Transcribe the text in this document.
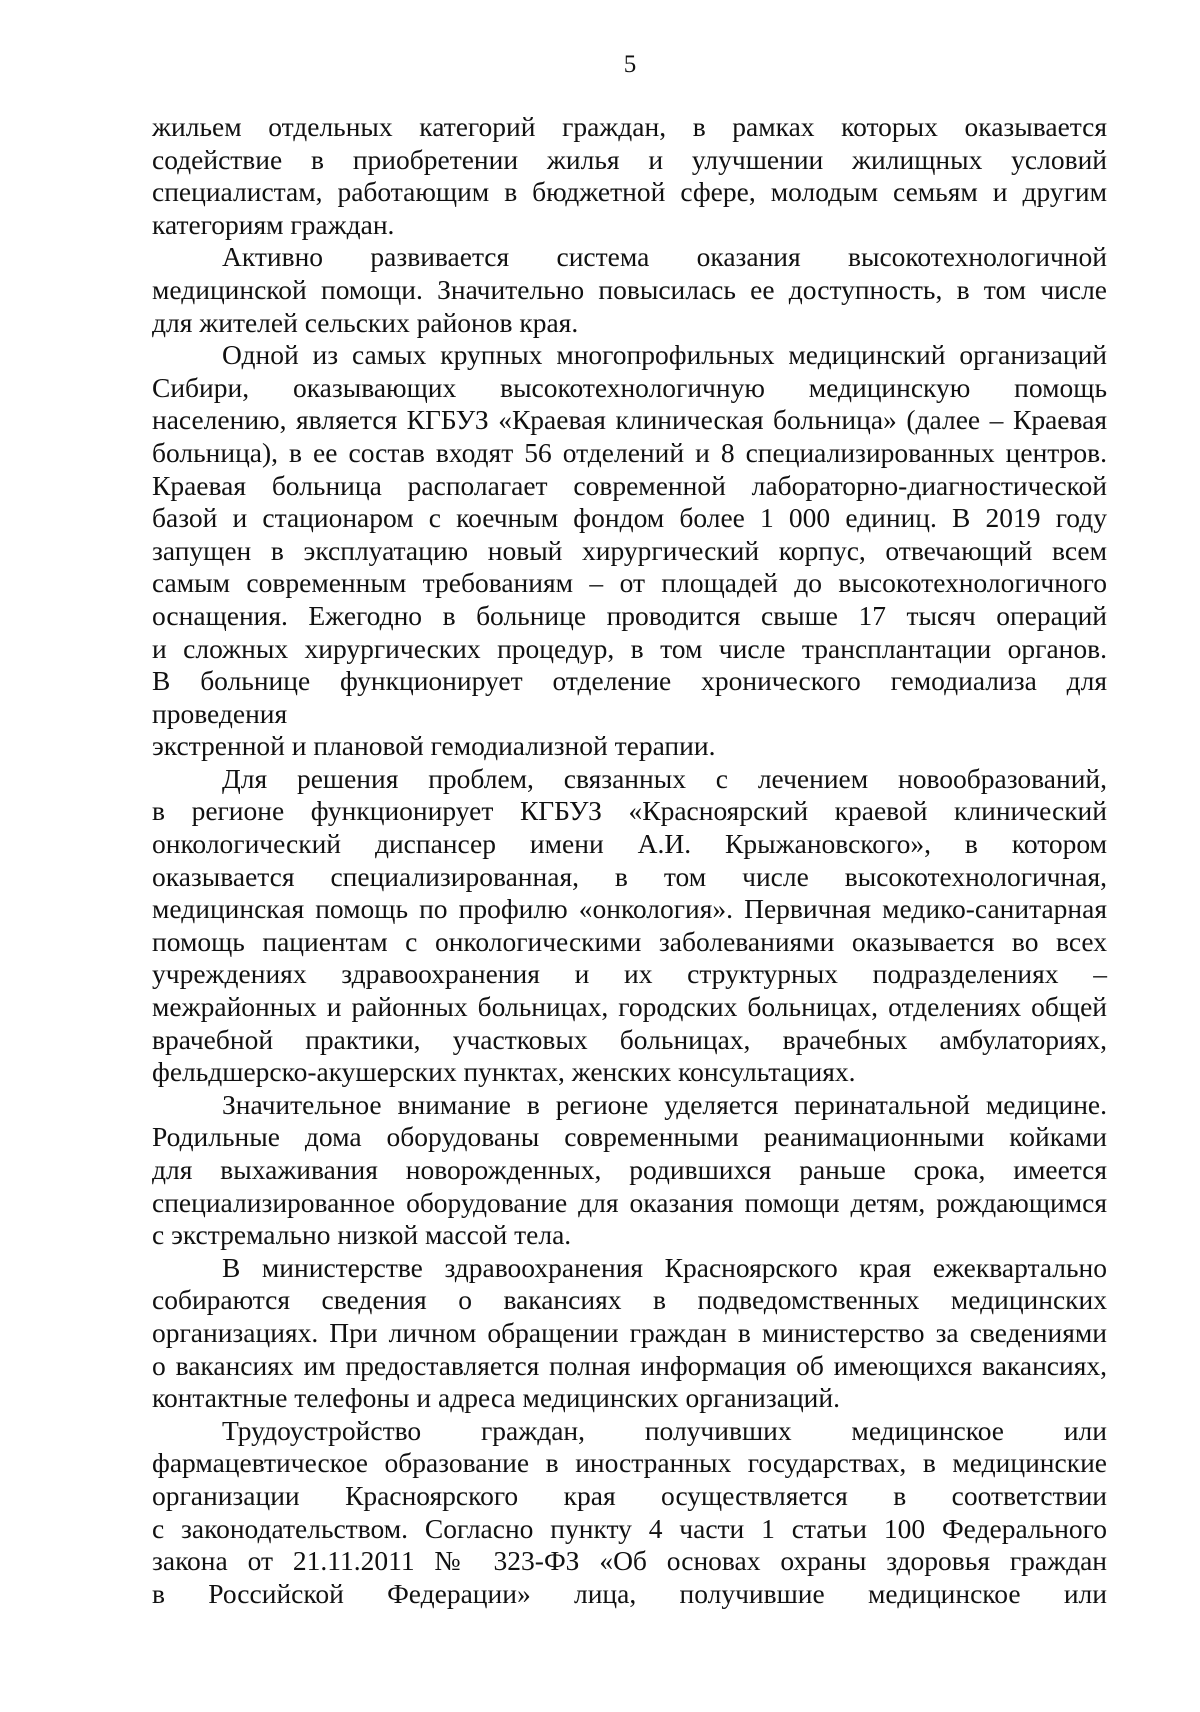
5
жильем отдельных категорий граждан, в рамках которых оказывается
содействие в приобретении жилья и улучшении жилищных условий
специалистам, работающим в бюджетной сфере, молодым семьям и другим
категориям граждан.
Активно развивается система оказания высокотехнологичной
медицинской помощи. Значительно повысилась ее доступность, в том числе
для жителей сельских районов края.
Одной из самых крупных многопрофильных медицинский организаций
Сибири, оказывающих высокотехнологичную медицинскую помощь
населению, является КГБУЗ «Краевая клиническая больница» (далее – Краевая
больница), в ее состав входят 56 отделений и 8 специализированных центров.
Краевая больница располагает современной лабораторно-диагностической
базой и стационаром с коечным фондом более 1 000 единиц. В 2019 году
запущен в эксплуатацию новый хирургический корпус, отвечающий всем
самым современным требованиям – от площадей до высокотехнологичного
оснащения. Ежегодно в больнице проводится свыше 17 тысяч операций
и сложных хирургических процедур, в том числе трансплантации органов.
В больнице функционирует отделение хронического гемодиализа для проведения
экстренной и плановой гемодиализной терапии.
Для решения проблем, связанных с лечением новообразований,
в регионе функционирует КГБУЗ «Красноярский краевой клинический
онкологический диспансер имени А.И. Крыжановского», в котором
оказывается специализированная, в том числе высокотехнологичная,
медицинская помощь по профилю «онкология». Первичная медико-санитарная
помощь пациентам с онкологическими заболеваниями оказывается во всех
учреждениях здравоохранения и их структурных подразделениях –
межрайонных и районных больницах, городских больницах, отделениях общей
врачебной практики, участковых больницах, врачебных амбулаториях,
фельдшерско-акушерских пунктах, женских консультациях.
Значительное внимание в регионе уделяется перинатальной медицине.
Родильные дома оборудованы современными реанимационными койками
для выхаживания новорожденных, родившихся раньше срока, имеется
специализированное оборудование для оказания помощи детям, рождающимся
с экстремально низкой массой тела.
В министерстве здравоохранения Красноярского края ежеквартально
собираются сведения о вакансиях в подведомственных медицинских
организациях. При личном обращении граждан в министерство за сведениями
о вакансиях им предоставляется полная информация об имеющихся вакансиях,
контактные телефоны и адреса медицинских организаций.
Трудоустройство граждан, получивших медицинское или
фармацевтическое образование в иностранных государствах, в медицинские
организации Красноярского края осуществляется в соответствии
с законодательством. Согласно пункту 4 части 1 статьи 100 Федерального
закона от 21.11.2011 № 323-ФЗ «Об основах охраны здоровья граждан
в Российской Федерации» лица, получившие медицинское или
